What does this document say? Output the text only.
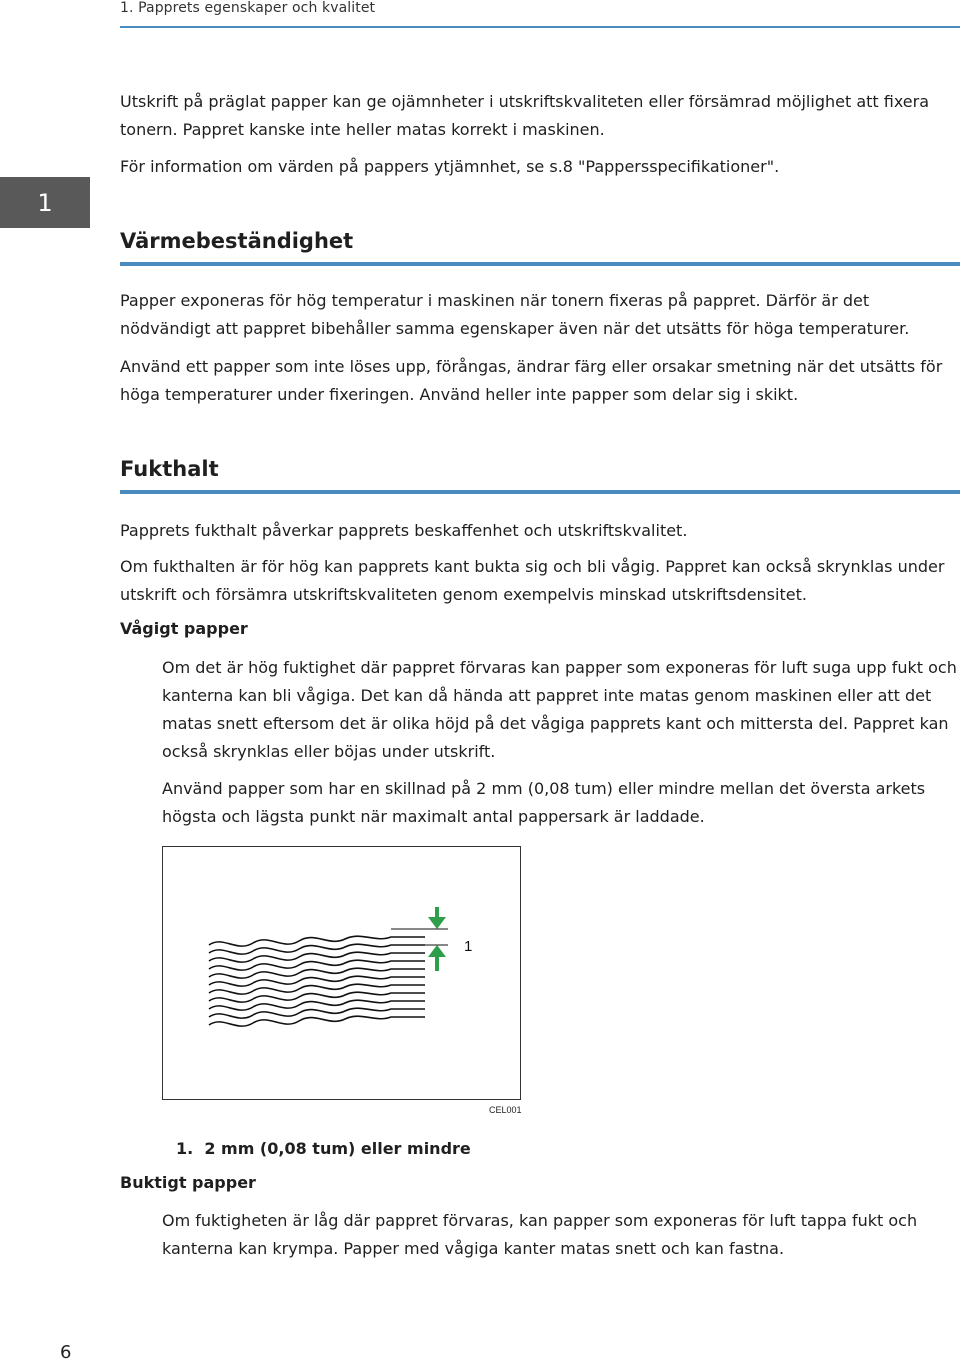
1. Papprets egenskaper och kvalitet
1

Utskrift på präglat papper kan ge ojämnheter i utskriftskvaliteten eller försämrad möjlighet att fixera tonern. Pappret kanske inte heller matas korrekt i maskinen.

För information om värden på pappers ytjämnhet, se s.8 "Pappersspecifikationer".

Värmebeständighet

Papper exponeras för hög temperatur i maskinen när tonern fixeras på pappret. Därför är det nödvändigt att pappret bibehåller samma egenskaper även när det utsätts för höga temperaturer.

Använd ett papper som inte löses upp, förångas, ändrar färg eller orsakar smetning när det utsätts för höga temperaturer under fixeringen. Använd heller inte papper som delar sig i skikt.

Fukthalt

Papprets fukthalt påverkar papprets beskaffenhet och utskriftskvalitet.

Om fukthalten är för hög kan papprets kant bukta sig och bli vågig. Pappret kan också skrynklas under utskrift och försämra utskriftskvaliteten genom exempelvis minskad utskriftsdensitet.

Vågigt papper

Om det är hög fuktighet där pappret förvaras kan papper som exponeras för luft suga upp fukt och kanterna kan bli vågiga. Det kan då hända att pappret inte matas genom maskinen eller att det matas snett eftersom det är olika höjd på det vågiga papprets kant och mittersta del. Pappret kan också skrynklas eller böjas under utskrift.

Använd papper som har en skillnad på 2 mm (0,08 tum) eller mindre mellan det översta arkets högsta och lägsta punkt när maximalt antal pappersark är laddade.

1
CEL001
1. 2 mm (0,08 tum) eller mindre
Buktigt papper

Om fuktigheten är låg där pappret förvaras, kan papper som exponeras för luft tappa fukt och kanterna kan krympa. Papper med vågiga kanter matas snett och kan fastna.

6
